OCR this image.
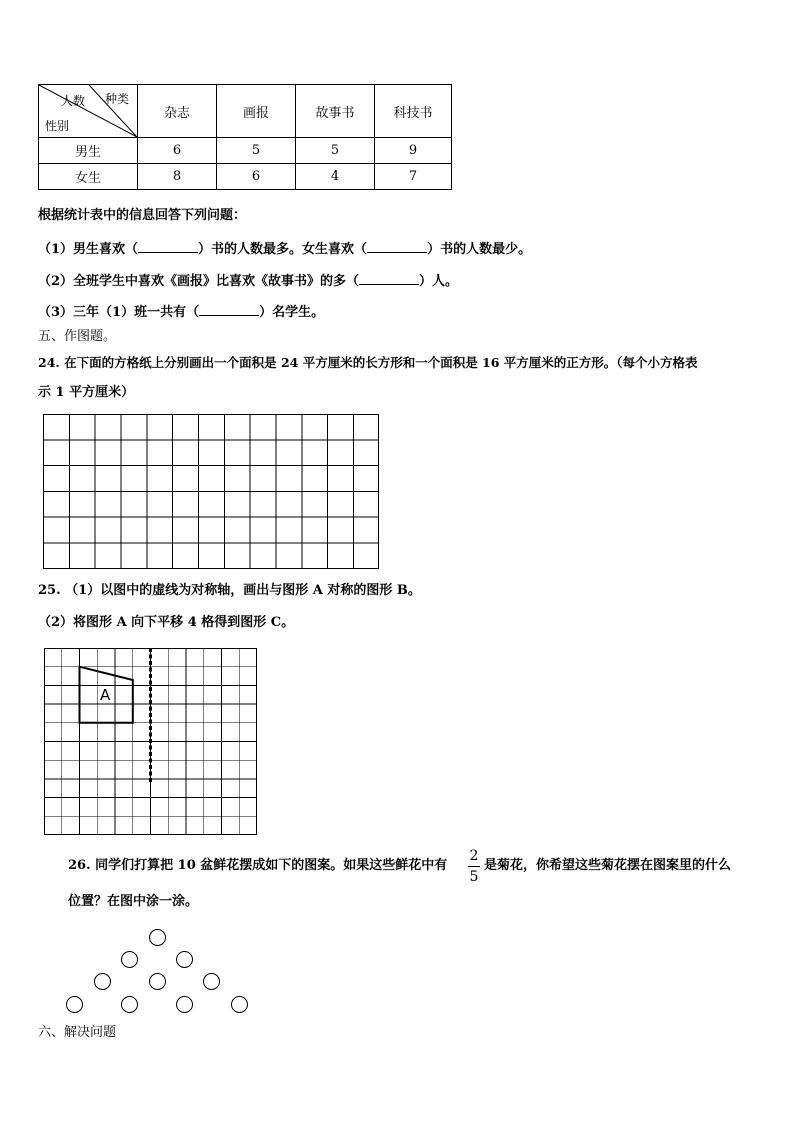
人数 种类
性别	杂志	画报	故事书	科技书
男生	6	5	5	9
女生	8	6	4	7
根据统计表中的信息回答下列问题：
（1）男生喜欢（	）书的人数最多。女生喜欢（	）书的人数最少。
（2）全班学生中喜欢《画报》比喜欢《故事书》的多（	）人。
（3）三年（1）班一共有（	）名学生。
五、作图题。
24. 在下面的方格纸上分别画出一个面积是 24 平方厘米的长方形和一个面积是 16 平方厘米的正方形。（每个小方格表
示 1 平方厘米）
25. （1）以图中的虚线为对称轴，画出与图形 A 对称的图形 B。
（2）将图形 A 向下平移 4 格得到图形 C。
A
26. 同学们打算把 10 盆鲜花摆成如下的图案。如果这些鲜花中有
2
5
是菊花，你希望这些菊花摆在图案里的什么
位置？在图中涂一涂。
六、解决问题
